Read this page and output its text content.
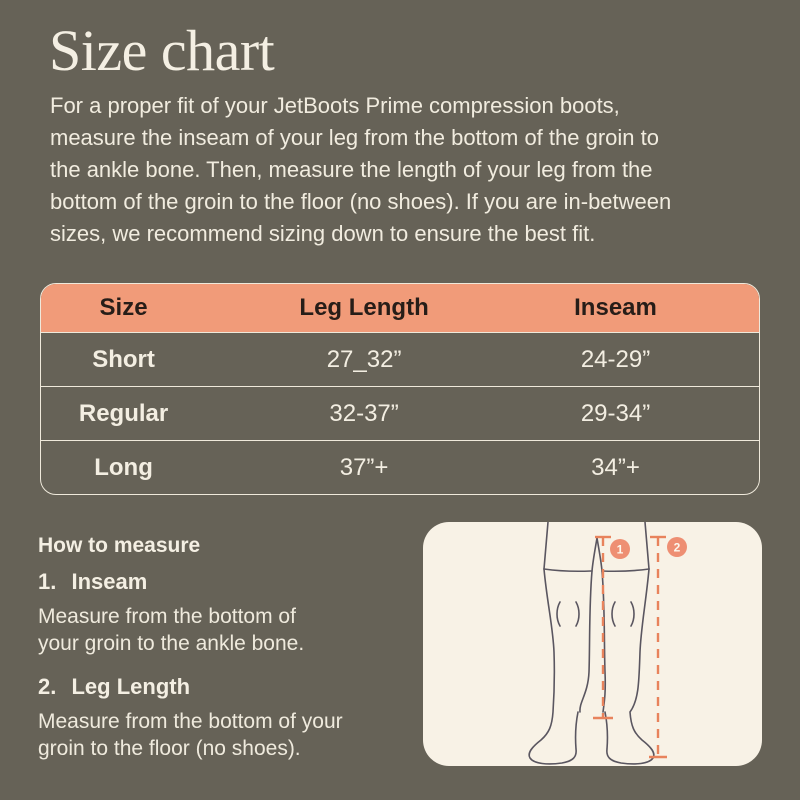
Size chart
For a proper fit of your JetBoots Prime compression boots,
measure the inseam of your leg from the bottom of the groin to
the ankle bone. Then, measure the length of your leg from the
bottom of the groin to the floor (no shoes). If you are in-between
sizes, we recommend sizing down to ensure the best fit.
Size	Leg Length	Inseam
Short	27_32”	24-29”
Regular	32-37”	29-34”
Long	37”+	34”+
How to measure
1. Inseam
Measure from the bottom of
your groin to the ankle bone.
2. Leg Length
Measure from the bottom of your
groin to the floor (no shoes).
1	2
